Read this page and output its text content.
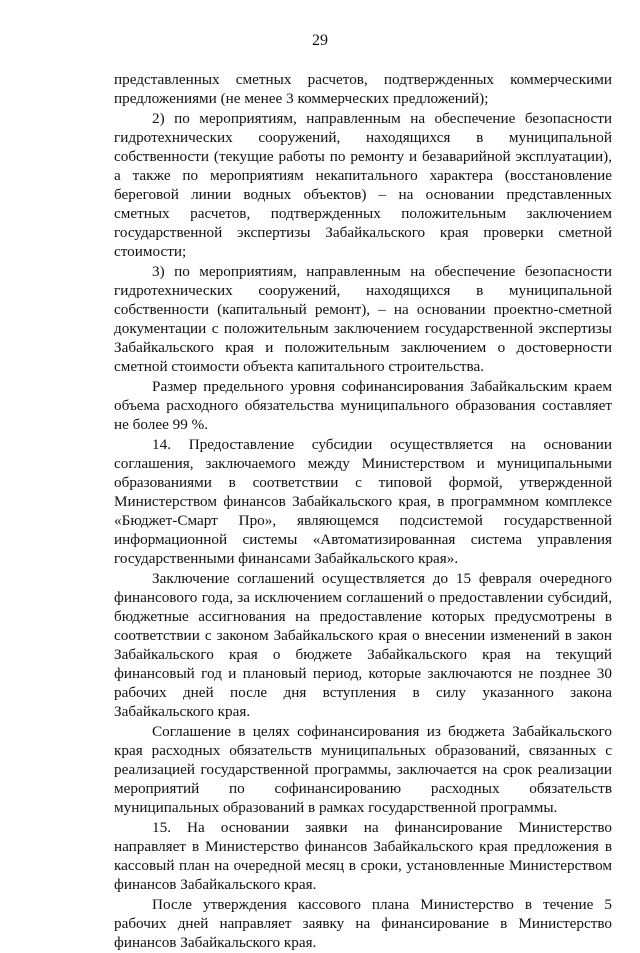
29

представленных сметных расчетов, подтвержденных коммерческими предложениями (не менее 3 коммерческих предложений);

2) по мероприятиям, направленным на обеспечение безопасности гидротехнических сооружений, находящихся в муниципальной собственности (текущие работы по ремонту и безаварийной эксплуатации), а также по мероприятиям некапитального характера (восстановление береговой линии водных объектов) – на основании представленных сметных расчетов, подтвержденных положительным заключением государственной экспертизы Забайкальского края проверки сметной стоимости;

3) по мероприятиям, направленным на обеспечение безопасности гидротехнических сооружений, находящихся в муниципальной собственности (капитальный ремонт), – на основании проектно-сметной документации с положительным заключением государственной экспертизы Забайкальского края и положительным заключением о достоверности сметной стоимости объекта капитального строительства.

Размер предельного уровня софинансирования Забайкальским краем объема расходного обязательства муниципального образования составляет не более 99 %.

14. Предоставление субсидии осуществляется на основании соглашения, заключаемого между Министерством и муниципальными образованиями в соответствии с типовой формой, утвержденной Министерством финансов Забайкальского края, в программном комплексе «Бюджет-Смарт Про», являющемся подсистемой государственной информационной системы «Автоматизированная система управления государственными финансами Забайкальского края».

Заключение соглашений осуществляется до 15 февраля очередного финансового года, за исключением соглашений о предоставлении субсидий, бюджетные ассигнования на предоставление которых предусмотрены в соответствии с законом Забайкальского края о внесении изменений в закон Забайкальского края о бюджете Забайкальского края на текущий финансовый год и плановый период, которые заключаются не позднее 30 рабочих дней после дня вступления в силу указанного закона Забайкальского края.

Соглашение в целях софинансирования из бюджета Забайкальского края расходных обязательств муниципальных образований, связанных с реализацией государственной программы, заключается на срок реализации мероприятий по софинансированию расходных обязательств муниципальных образований в рамках государственной программы.

15. На основании заявки на финансирование Министерство направляет в Министерство финансов Забайкальского края предложения в кассовый план на очередной месяц в сроки, установленные Министерством финансов Забайкальского края.

После утверждения кассового плана Министерство в течение 5 рабочих дней направляет заявку на финансирование в Министерство финансов Забайкальского края.
